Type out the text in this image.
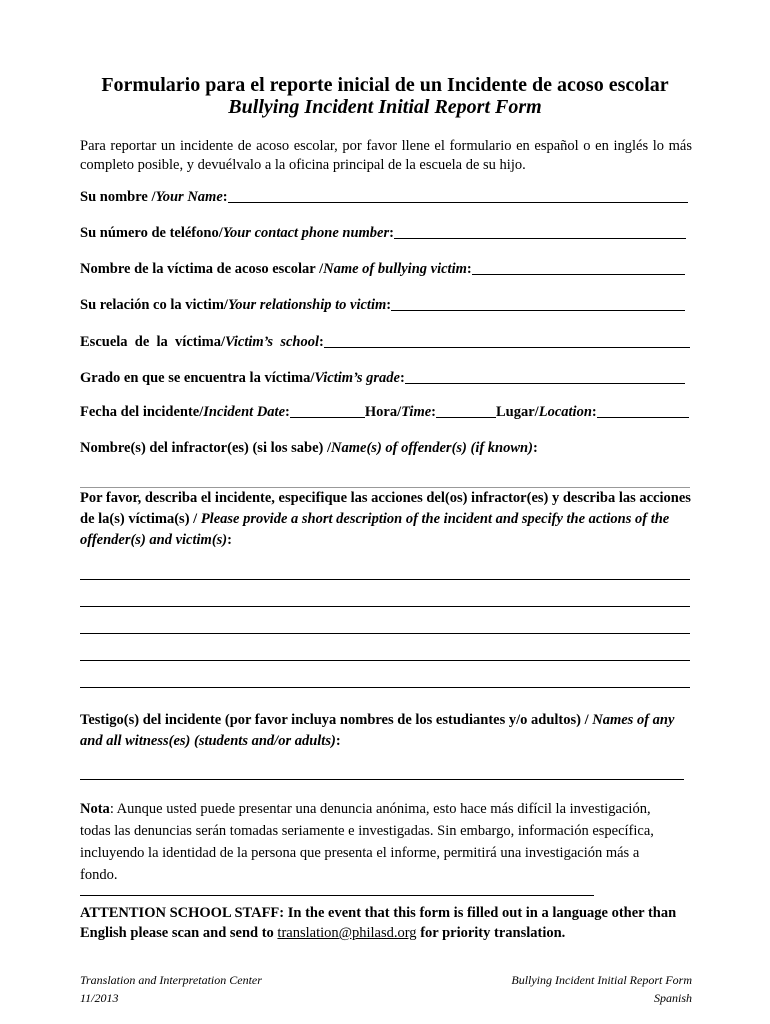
Formulario para el reporte inicial de un Incidente de acoso escolar
Bullying Incident Initial Report Form
Para reportar un incidente de acoso escolar, por favor llene el formulario en español o en inglés lo más completo posible, y devuélvalo a la oficina principal de la escuela de su hijo.
Su nombre / Your Name :
Su número de teléfono/ Your contact phone number :
Nombre de la víctima de acoso escolar / Name of bullying victim :
Su relación co la victim/ Your relationship to victim :
Escuela  de  la  víctima/ Victim’s  school :
Grado en que se encuentra la víctima/ Victim’s grade :
Fecha del incidente/ Incident Date :	Hora/ Time :	Lugar/ Location :
Nombre(s) del infractor(es) (si los sabe) / Name(s) of offender(s) (if known) :
Por favor, describa el incidente, especifique las acciones del(os) infractor(es) y describa las acciones de la(s) víctima(s) / Please provide a short description of the incident and specify the actions of the offender(s) and victim(s):
Testigo(s) del incidente (por favor incluya nombres de los estudiantes y/o adultos) / Names of any and all witness(es) (students and/or adults):
Nota: Aunque usted puede presentar una denuncia anónima, esto hace más difícil la investigación, todas las denuncias serán tomadas seriamente e investigadas. Sin embargo, información específica, incluyendo la identidad de la persona que presenta el informe, permitirá una investigación más a fondo.
ATTENTION SCHOOL STAFF: In the event that this form is filled out in a language other than English please scan and send to translation@philasd.org for priority translation.
Translation and Interpretation Center
11/2013
Bullying Incident Initial Report Form
Spanish
